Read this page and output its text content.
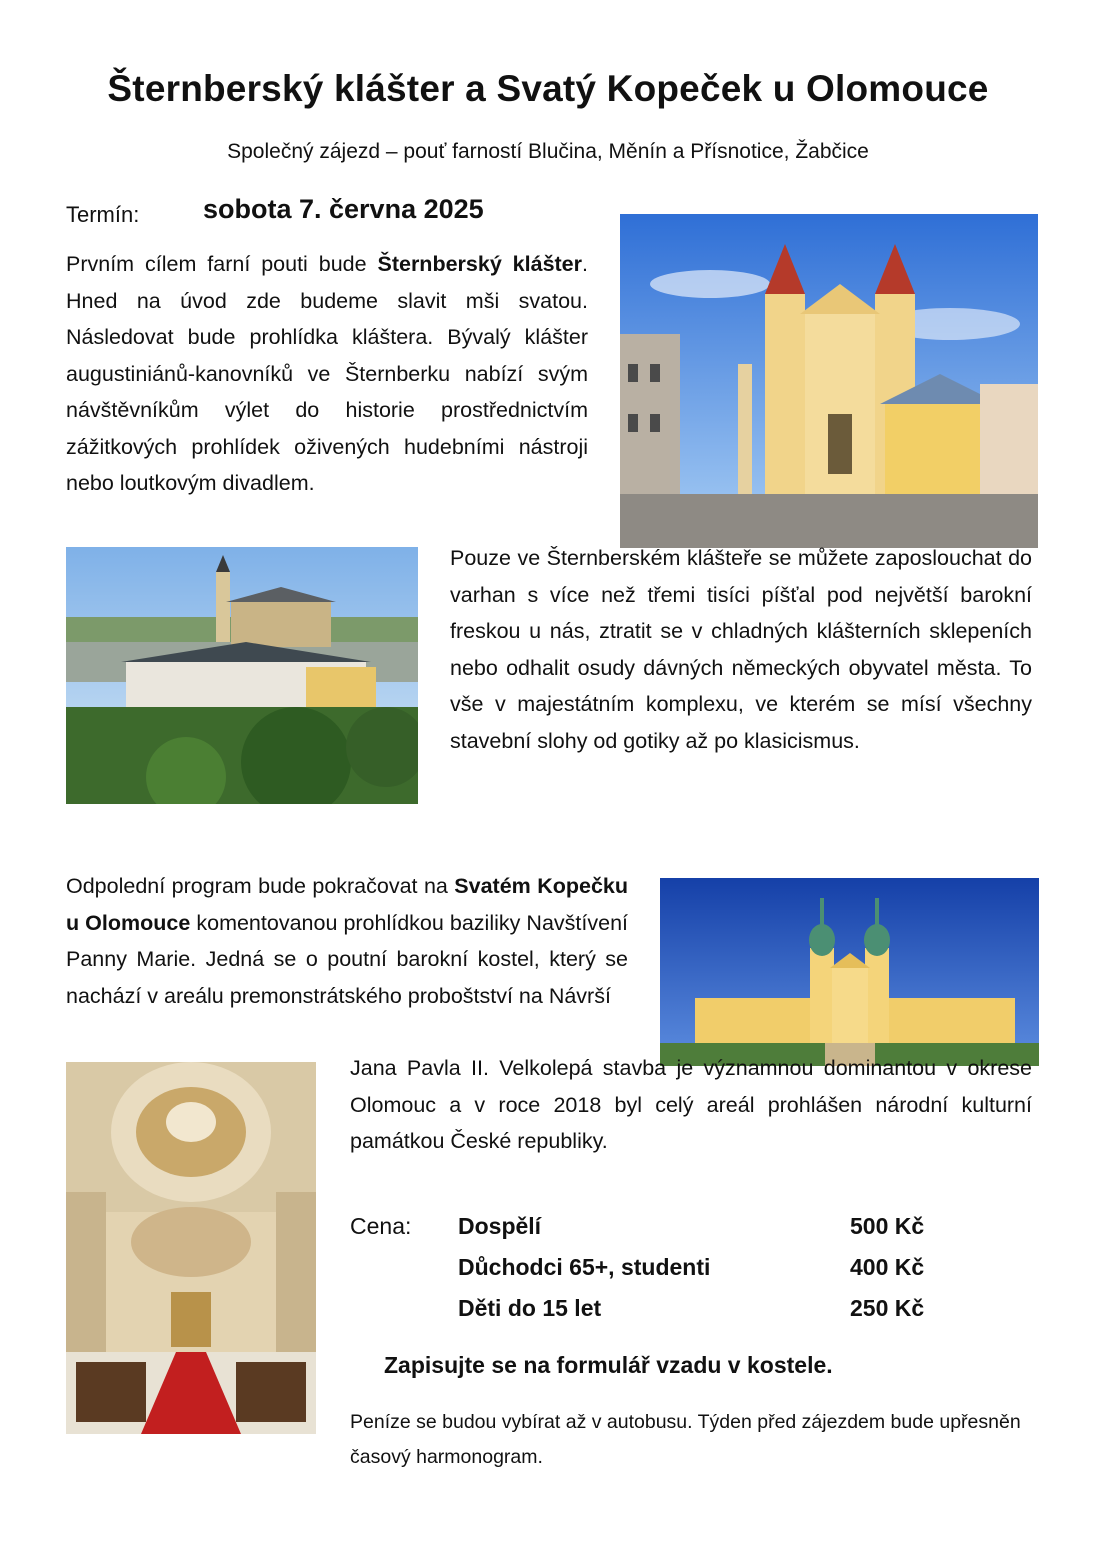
Šternberský klášter a Svatý Kopeček u Olomouce
Společný zájezd – pouť farností Blučina, Měnín a Přísnotice, Žabčice
Termín: sobota 7. června 2025
Prvním cílem farní pouti bude Šternberský klášter. Hned na úvod zde budeme slavit mši svatou. Následovat bude prohlídka kláštera. Bývalý klášter augustiniánů-kanovníků ve Šternberku nabízí svým návštěvníkům výlet do historie prostřednictvím zážitkových prohlídek oživených hudebními nástroji nebo loutkovým divadlem.
Pouze ve Šternberském klášteře se můžete zaposlouchat do varhan s více než třemi tisíci píšťal pod největší barokní freskou u nás, ztratit se v chladných klášterních sklepeních nebo odhalit osudy dávných německých obyvatel města. To vše v majestátním komplexu, ve kterém se mísí všechny stavební slohy od gotiky až po klasicismus.
Odpolední program bude pokračovat na Svatém Kopečku u Olomouce komentovanou prohlídkou baziliky Navštívení Panny Marie. Jedná se o poutní barokní kostel, který se nachází v areálu premonstrátského proboštství na Návrší
Jana Pavla II. Velkolepá stavba je významnou dominantou v okrese Olomouc a v roce 2018 byl celý areál prohlášen národní kulturní památkou České republiky.
Cena: Dospělí	500 Kč
Důchodci 65+, studenti	400 Kč
Děti do 15 let	250 Kč
Zapisujte se na formulář vzadu v kostele.
Peníze se budou vybírat až v autobusu. Týden před zájezdem bude upřesněn časový harmonogram.
